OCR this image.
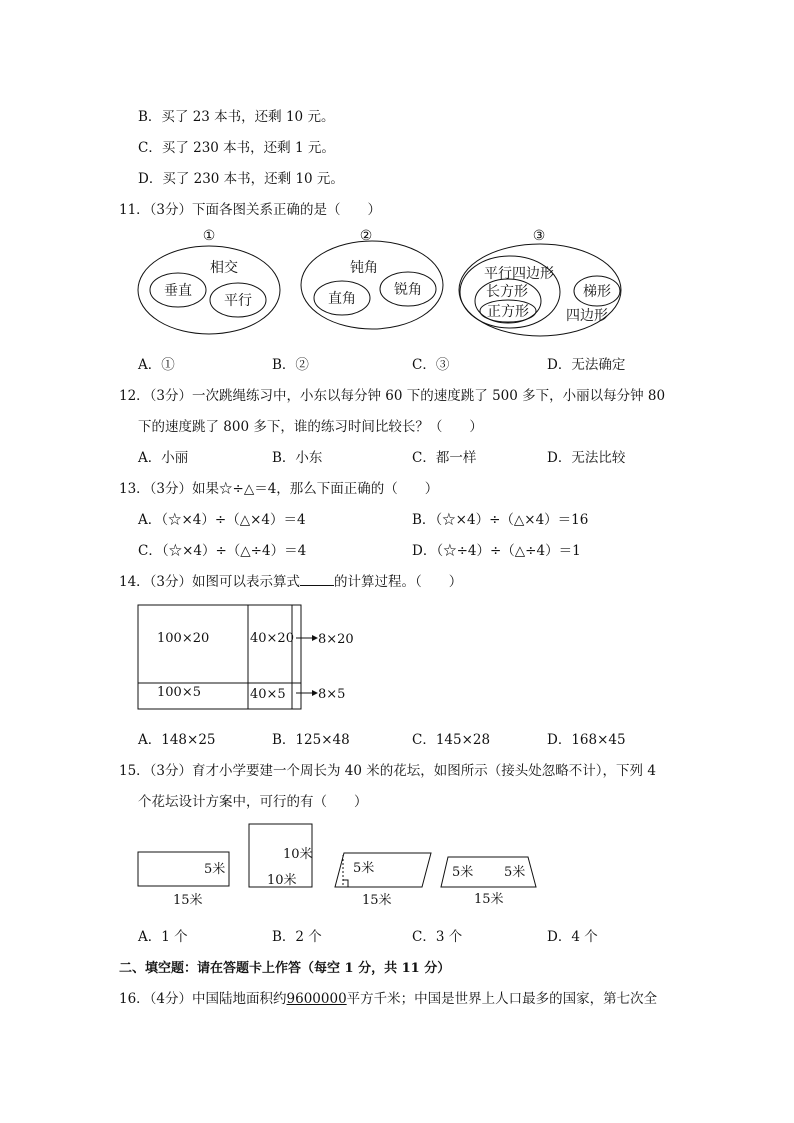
B．买了 23 本书，还剩 10 元。
C．买了 230 本书，还剩 1 元。
D．买了 230 本书，还剩 10 元。
11．（3分）下面各图关系正确的是（　　）
①
相交
垂直
平行
②
钝角
直角
锐角
③
平行四边形
长方形
正方形
梯形
四边形
A．①	B．②	C．③	D．无法确定
12．（3分）一次跳绳练习中，小东以每分钟 60 下的速度跳了 500 多下，小丽以每分钟 80
下的速度跳了 800 多下，谁的练习时间比较长？（　　）
A．小丽	B．小东	C．都一样	D．无法比较
13．（3分）如果☆÷△＝4，那么下面正确的（　　）
A．（☆×4）÷（△×4）＝4	B．（☆×4）÷（△×4）＝16
C．（☆×4）÷（△÷4）＝4	D．（☆÷4）÷（△÷4）＝1
14．（3分）如图可以表示算式	的计算过程。（　　）
100×20	40×20
100×5	40×5
8×20
8×5
A．148×25	B．125×48	C．145×28	D．168×45
15．（3分）育才小学要建一个周长为 40 米的花坛，如图所示（接头处忽略不计），下列 4
个花坛设计方案中，可行的有（　　）
5米
15米
10米
10米
5米
15米
5米 5米
15米
A．1 个	B．2 个	C．3 个	D．4 个
二、填空题：请在答题卡上作答（每空 1 分，共 11 分）
16．（4分）中国陆地面积约9600000平方千米；中国是世界上人口最多的国家，第七次全
